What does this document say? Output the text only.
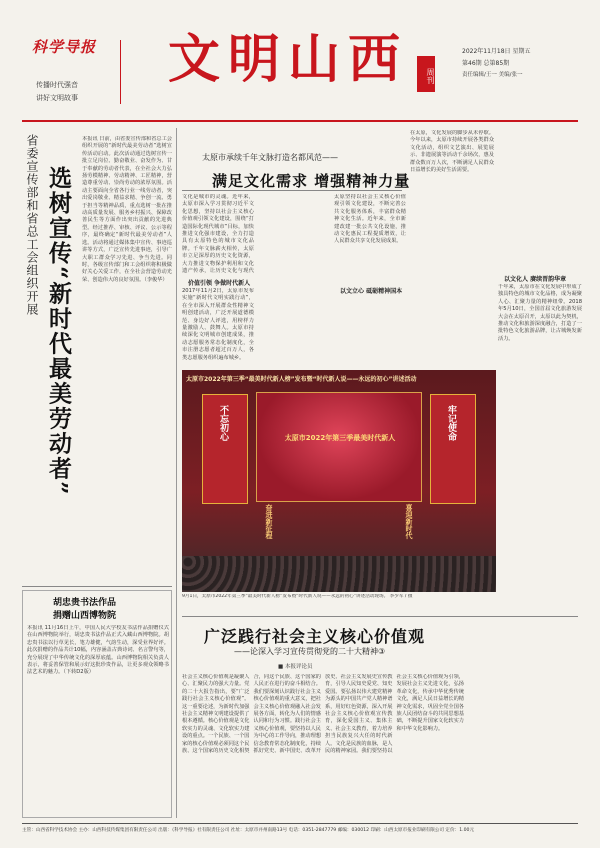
科学导报
传播时代强音
讲好文明故事
文明山西	周刊
2022年11月18日 星期五
第46期 总第85期
责任编辑/王一 美编/张一
省委宣传部和省总工会组织开展 选树宣传“新时代最美劳动者”
本报讯 日前，由省委宣传部和省总工会组织开展的“新时代最美劳动者”选树宣传活动启动。此次活动通过选树宣传一批立足岗位、勤奋敬业、奋发作为、甘于奉献的劳动者代表，在全社会大力弘扬劳模精神、劳动精神、工匠精神，营造尊重劳动、崇尚劳动的浓厚氛围。活动主要面向全省各行业一线劳动者，突出爱岗敬业、精益求精、争创一流、勇于担当等精神品质，重点选树一批在推动高质量发展、服务乡村振兴、保障改善民生等方面作出突出贡献的先进典型。经过推荐、审核、评议、公示等程序，最终确定“新时代最美劳动者”人选。活动将通过媒体集中宣传、事迹巡讲等方式，广泛宣传先进事迹，引导广大职工群众学习先进、争当先进。同时，各级宣传部门和工会组织将积极做好关心关爱工作，在全社会营造劳动光荣、创造伟大的良好氛围。（李俊华）
胡忠贵书法作品
捐赠山西博物院
本报讯 11月16日上午，中国人民大学校友书法作品捐赠仪式在山西博物院举行，胡忠贵书法作品正式入藏山西博物院。胡忠贵书法以行草见长，笔力雄健，气韵生动，深受业界好评。此次捐赠的作品共计10幅，内容涵盖古典诗词、名言警句等，充分展现了中华传统文化的深厚底蕴。山西博物院相关负责人表示，将妥善保管和展示好这批珍贵作品，让更多观众领略书法艺术的魅力。（下转D2版）
太原市承续千年文脉打造名都风范——
满足文化需求 增强精神力量
文化是城市的灵魂。近年来，太原市深入学习贯彻习近平文化思想，坚持以社会主义核心价值观引领文化建设，围绕“打造国际化现代城市”目标，加快推进文化强市建设，全力打造具有太原特色的城市文化品牌。千年文脉薪火相传，太原市立足深厚的历史文化资源，大力推进文物保护利用和文化遗产传承，让历史文化与现代
价值引领 争做时代新人
2017年11月2日，太原市发布实施“新时代文明实践行动”，在全市深入开展群众性精神文明创建活动，广泛开展道德模范、身边好人评选，用榜样力量激励人、鼓舞人。太原市持续深化文明城市创建成果，推动志愿服务常态化制度化，全市注册志愿者超过百万人，各类志愿服务组织遍布城乡。
太原坚持以社会主义核心价值观引领文化建设，不断完善公共文化服务体系，丰富群众精神文化生活。近年来，全市新建改建一批公共文化设施，推动文化惠民工程提质增效，让人民群众共享文化发展成果。
以文立心 砥砺精神国本
在太原，文化发展的脚步从未停歇。今年以来，太原市持续开展各类群众文化活动，组织文艺演出、展览展示、非遗展演等活动千余场次，惠及群众数百万人次，不断满足人民群众日益增长的美好生活需要。
以文化人 赓续晋韵华章
千年来，太原市在文化发展中形成了独具特色的城市文化品格，成为凝聚人心、汇聚力量的精神纽带。2018年5月10日，全国首届文化旅游发展大会在太原召开，太原以此为契机，推动文化和旅游深度融合，打造了一批特色文化旅游品牌，让古城焕发新活力。
太原市2022年第三季“最美时代新人榜”发布暨“时代新人说——永远的初心”讲述活动
太原市2022年第三季最美时代新人
不忘初心
奋进新征程
牢记使命
喜迎新时代
9月1日，太原市2022年第三季“最美时代新人榜”发布暨“时代新人说——永远的初心”讲述活动现场。 李少军 / 摄
广泛践行社会主义核心价值观
——论深入学习宣传贯彻党的二十大精神③
■ 本报评论员
社会主义核心价值观是凝聚人心、汇聚民力的强大力量。党的二十大报告指出，要“广泛践行社会主义核心价值观”。这一重要论述，为新时代加强社会主义精神文明建设提供了根本遵循。核心价值观是文化软实力的灵魂、文化软实力建设的重点。一个民族、一个国家的核心价值观必须同这个民族、这个国家的历史文化相契合，同这个民族、这个国家的人民正在进行的奋斗相结合。我们要深刻认识践行社会主义核心价值观的重大意义，把社会主义核心价值观融入社会发展各方面，转化为人们的情感认同和行为习惯。践行社会主义核心价值观，要坚持以人民为中心的工作导向，推动理想信念教育常态化制度化，持续抓好党史、新中国史、改革开放史、社会主义发展史宣传教育，引导人民知史爱党、知史爱国。要弘扬以伟大建党精神为源头的中国共产党人精神谱系，用好红色资源，深入开展社会主义核心价值观宣传教育，深化爱国主义、集体主义、社会主义教育，着力培养担当民族复兴大任的时代新人。文化是民族的血脉，是人民的精神家园。我们要坚持以社会主义核心价值观为引领，发展社会主义先进文化，弘扬革命文化，传承中华优秀传统文化，满足人民日益增长的精神文化需求，巩固全党全国各族人民团结奋斗的共同思想基础，不断提升国家文化软实力和中华文化影响力。
主管：山西省科学技术协会 主办：山西科技传媒集团有限责任公司 出版：《科学导报》社有限责任公司 社址：太原市并州南路13号 电话：0351-2847779 邮编：030012 印刷：山西太原市报业印刷有限公司 定价：1.00元
